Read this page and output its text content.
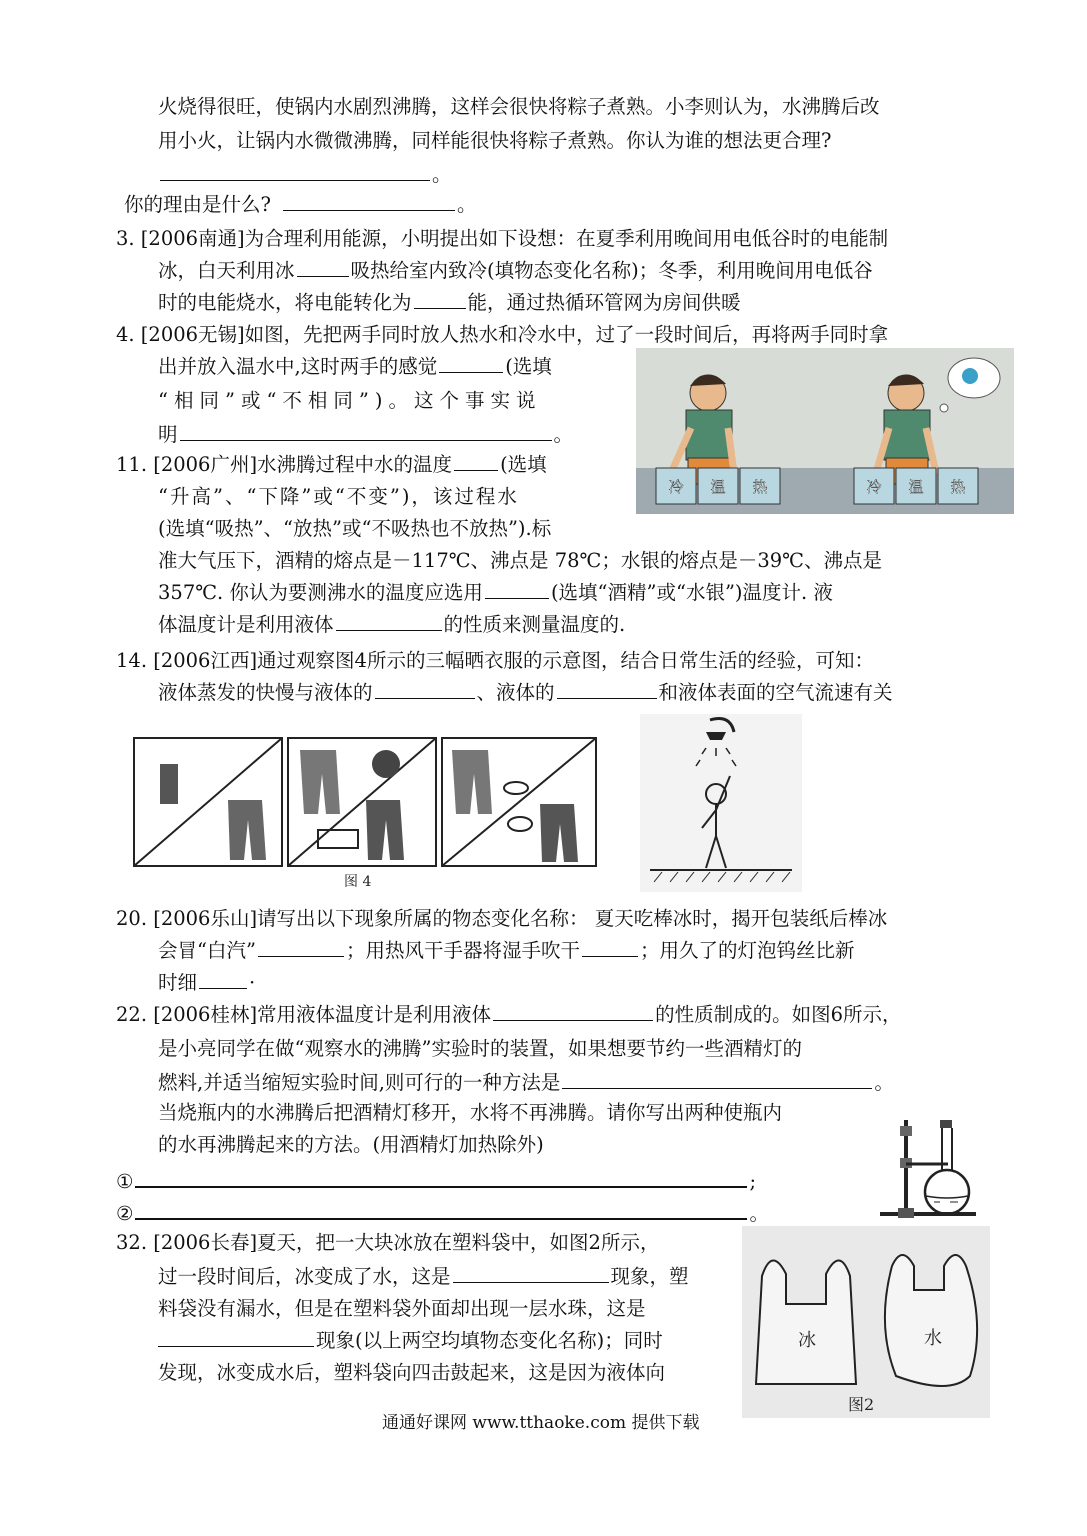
火烧得很旺，使锅内水剧烈沸腾，这样会很快将粽子煮熟。小李则认为，水沸腾后改
用小火，让锅内水微微沸腾，同样能很快将粽子煮熟。你认为谁的想法更合理?
。
你的理由是什么?	。
3. [2006南通]为合理利用能源，小明提出如下设想：在夏季利用晚间用电低谷时的电能制
冰，白天利用冰	吸热给室内致冷(填物态变化名称)；冬季，利用晚间用电低谷
时的电能烧水，将电能转化为	能，通过热循环管网为房间供暖
4. [2006无锡]如图，先把两手同时放人热水和冷水中，过了一段时间后，再将两手同时拿
出并放入温水中,这时两手的感觉	(选填
“相同”或“不相同”)。这个事实说
明	。
冷 温 热	冷 温 热
11. [2006广州]水沸腾过程中水的温度 (选填
“升高”、“下降”或“不变”)，该过程水
(选填“吸热”、“放热”或“不吸热也不放热”).标
准大气压下，酒精的熔点是－117℃、沸点是 78℃；水银的熔点是－39℃、沸点是
357℃. 你认为要测沸水的温度应选用	(选填“酒精”或“水银”)温度计. 液
体温度计是利用液体	的性质来测量温度的.
14. [2006江西]通过观察图4所示的三幅晒衣服的示意图，结合日常生活的经验，可知：
液体蒸发的快慢与液体的	、液体的	和液体表面的空气流速有关
图 4
20. [2006乐山]请写出以下现象所属的物态变化名称： 夏天吃棒冰时，揭开包装纸后棒冰
会冒“白汽”	；用热风干手器将湿手吹干	；用久了的灯泡钨丝比新
时细	·
22. [2006桂林]常用液体温度计是利用液体	的性质制成的。如图6所示，
是小亮同学在做“观察水的沸腾”实验时的装置，如果想要节约一些酒精灯的
燃料,并适当缩短实验时间,则可行的一种方法是	。
当烧瓶内的水沸腾后把酒精灯移开，水将不再沸腾。请你写出两种使瓶内
的水再沸腾起来的方法。(用酒精灯加热除外)
①	;
②	。
32. [2006长春]夏天，把一大块冰放在塑料袋中，如图2所示，
过一段时间后，冰变成了水，这是	现象，塑
料袋没有漏水，但是在塑料袋外面却出现一层水珠，这是
现象(以上两空均填物态变化名称)；同时
发现，冰变成水后，塑料袋向四击鼓起来，这是因为液体向
冰	水
图2
通通好课网 www.tthaoke.com 提供下载
